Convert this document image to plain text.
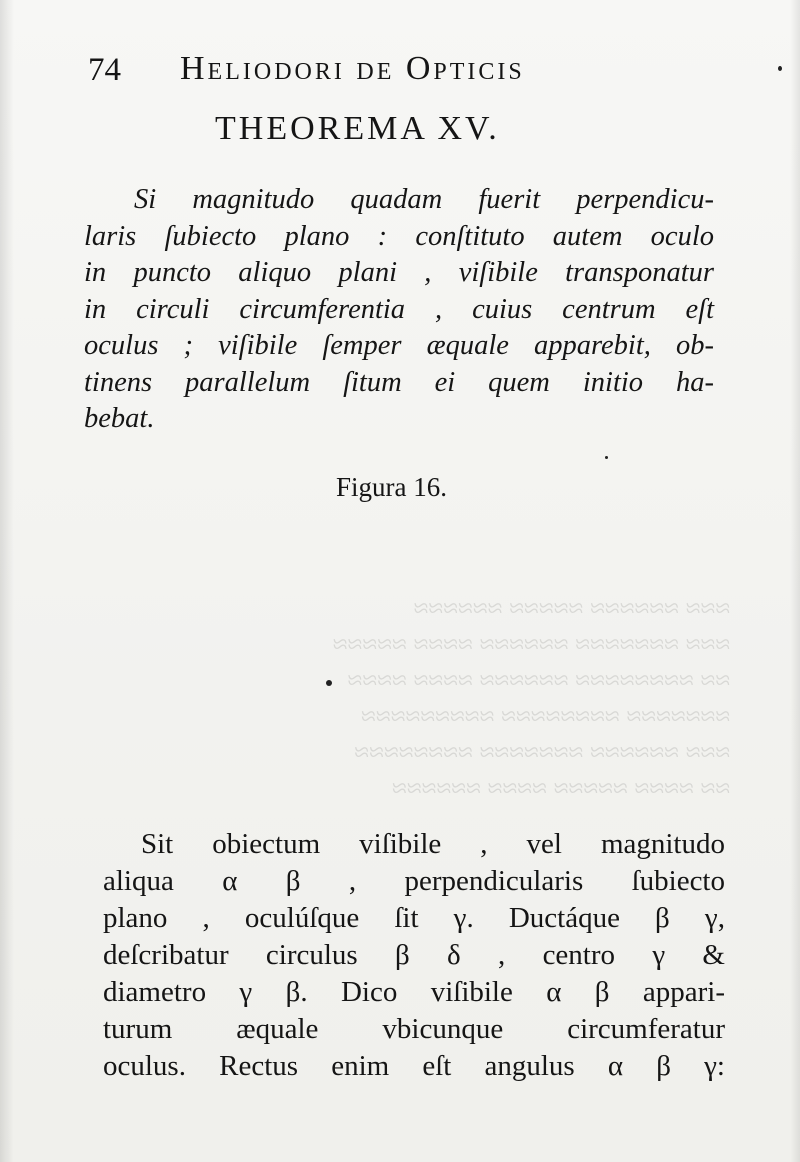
74 Heliodori de Opticis
THEOREMA XV.
Si magnitudo quadam fuerit perpendicu-
laris ſubiecto plano : conſtituto autem oculo
in puncto aliquo plani , viſibile transponatur
in circuli circumferentia , cuius centrum eſt
oculus ; viſibile ſemper æquale apparebit, ob-
tinens parallelum ſitum ei quem initio ha-
bebat.
Figura 16.
≈≈≈ ≈≈≈≈≈≈ ≈≈≈≈≈ ≈≈≈≈≈≈
≈≈≈ ≈≈≈≈≈≈≈ ≈≈≈≈≈≈ ≈≈≈≈ ≈≈≈≈≈
≈≈ ≈≈≈≈≈≈≈≈ ≈≈≈≈≈≈ ≈≈≈≈ ≈≈≈≈
≈≈≈≈≈≈≈ ≈≈≈≈≈≈≈≈ ≈≈≈≈≈≈≈≈≈
≈≈≈ ≈≈≈≈≈≈ ≈≈≈≈≈≈≈ ≈≈≈≈≈≈≈≈
≈≈ ≈≈≈≈ ≈≈≈≈≈ ≈≈≈≈ ≈≈≈≈≈≈
Sit obiectum viſibile , vel magnitudo
aliqua α β , perpendicularis ſubiecto
plano , oculúſque ſit γ. Ductáque β γ,
deſcribatur circulus β δ , centro γ &
diametro γ β. Dico viſibile α β appari-
turum æquale vbicunque circumferatur
oculus. Rectus enim eſt angulus α β γ:
